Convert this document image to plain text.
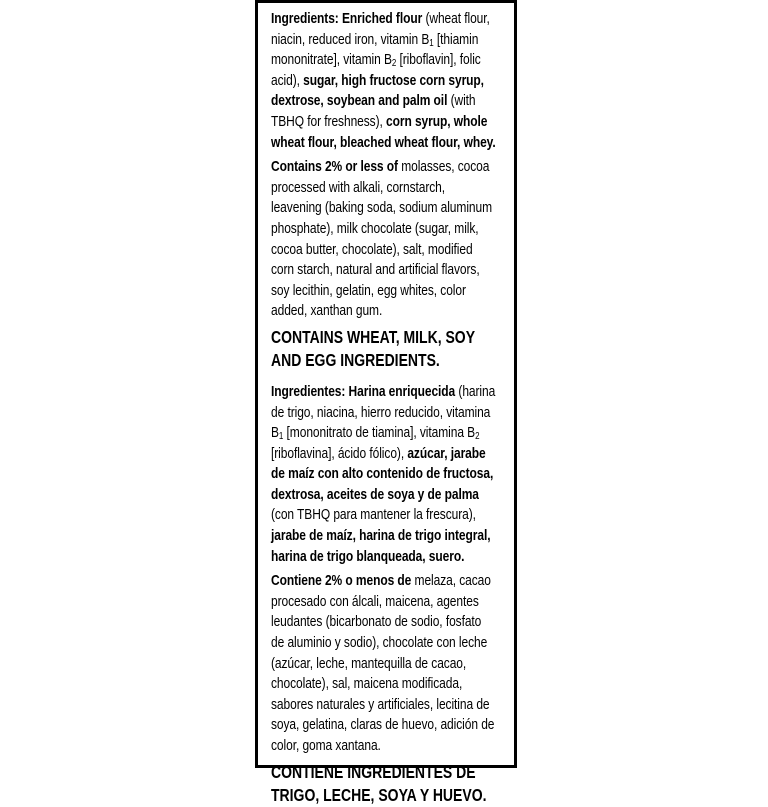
Ingredients: Enriched flour (wheat flour,
niacin, reduced iron, vitamin $B_1$ [thiamin
mononitrate], vitamin $B_2$ [riboflavin], folic
acid), sugar, high fructose corn syrup,
dextrose, soybean and palm oil (with
TBHQ for freshness), corn syrup, whole
wheat flour, bleached wheat flour, whey.

Contains 2% or less of molasses, cocoa
processed with alkali, cornstarch,
leavening (baking soda, sodium aluminum
phosphate), milk chocolate (sugar, milk,
cocoa butter, chocolate), salt, modified
corn starch, natural and artificial flavors,
soy lecithin, gelatin, egg whites, color
added, xanthan gum.

CONTAINS WHEAT, MILK, SOY
AND EGG INGREDIENTS.

Ingredientes: Harina enriquecida (harina
de trigo, niacina, hierro reducido, vitamina
$B_1$ [mononitrato de tiamina], vitamina $B_2$
[riboflavina], ácido fólico), azúcar, jarabe
de maíz con alto contenido de fructosa,
dextrosa, aceites de soya y de palma
(con TBHQ para mantener la frescura),
jarabe de maíz, harina de trigo integral,
harina de trigo blanqueada, suero.

Contiene 2% o menos de melaza, cacao
procesado con álcali, maicena, agentes
leudantes (bicarbonato de sodio, fosfato
de aluminio y sodio), chocolate con leche
(azúcar, leche, mantequilla de cacao,
chocolate), sal, maicena modificada,
sabores naturales y artificiales, lecitina de
soya, gelatina, claras de huevo, adición de
color, goma xantana.

CONTIENE INGREDIENTES DE
TRIGO, LECHE, SOYA Y HUEVO.
